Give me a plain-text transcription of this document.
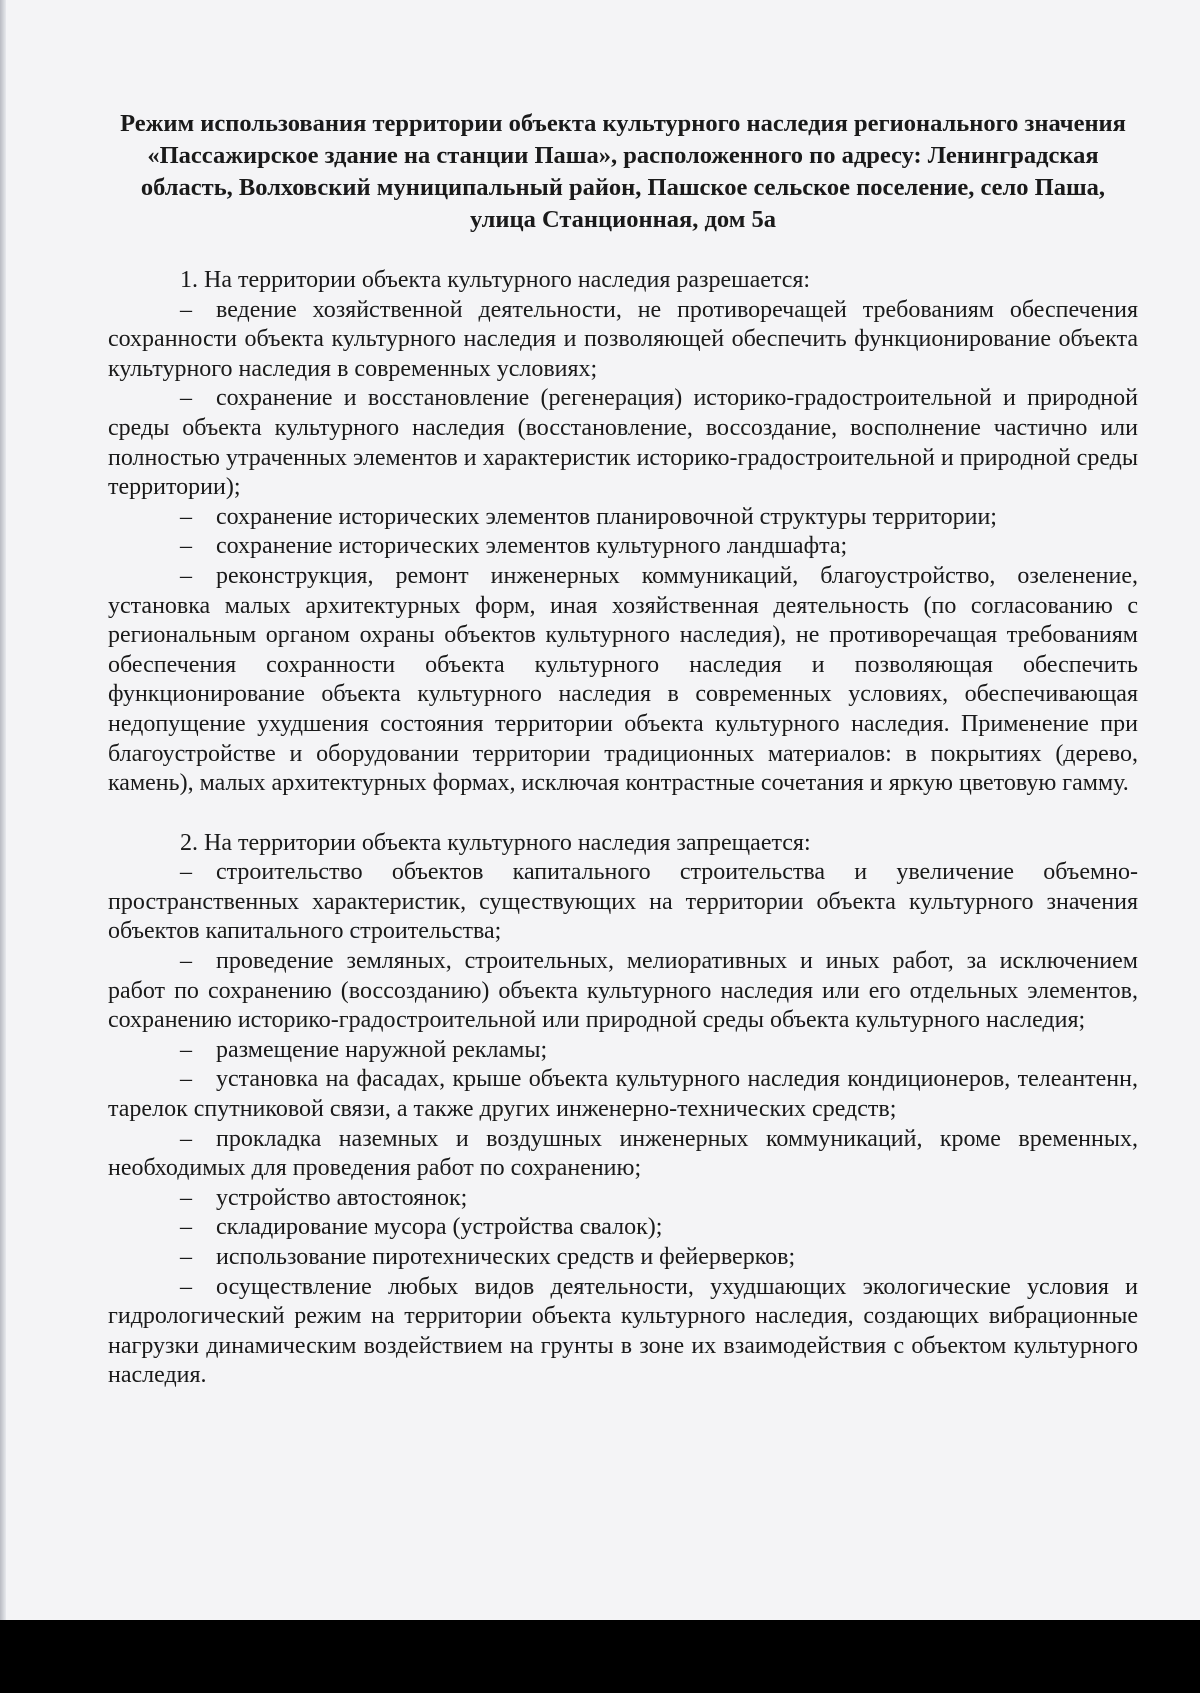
Режим использования территории объекта культурного наследия регионального значения «Пассажирское здание на станции Паша», расположенного по адресу: Ленинградская область, Волховский муниципальный район, Пашское сельское поселение, село Паша, улица Станционная, дом 5а

1. На территории объекта культурного наследия разрешается:

– ведение хозяйственной деятельности, не противоречащей требованиям обеспечения сохранности объекта культурного наследия и позволяющей обеспечить функционирование объекта культурного наследия в современных условиях;

– сохранение и восстановление (регенерация) историко-градостроительной и природной среды объекта культурного наследия (восстановление, воссоздание, восполнение частично или полностью утраченных элементов и характеристик историко-градостроительной и природной среды территории);

– сохранение исторических элементов планировочной структуры территории;

– сохранение исторических элементов культурного ландшафта;

– реконструкция, ремонт инженерных коммуникаций, благоустройство, озеленение, установка малых архитектурных форм, иная хозяйственная деятельность (по согласованию с региональным органом охраны объектов культурного наследия), не противоречащая требованиям обеспечения сохранности объекта культурного наследия и позволяющая обеспечить функционирование объекта культурного наследия в современных условиях, обеспечивающая недопущение ухудшения состояния территории объекта культурного наследия. Применение при благоустройстве и оборудовании территории традиционных материалов: в покрытиях (дерево, камень), малых архитектурных формах, исключая контрастные сочетания и яркую цветовую гамму.

2. На территории объекта культурного наследия запрещается:

– строительство объектов капитального строительства и увеличение объемно-пространственных характеристик, существующих на территории объекта культурного значения объектов капитального строительства;

– проведение земляных, строительных, мелиоративных и иных работ, за исключением работ по сохранению (воссозданию) объекта культурного наследия или его отдельных элементов, сохранению историко-градостроительной или природной среды объекта культурного наследия;

– размещение наружной рекламы;

– установка на фасадах, крыше объекта культурного наследия кондиционеров, телеантенн, тарелок спутниковой связи, а также других инженерно-технических средств;

– прокладка наземных и воздушных инженерных коммуникаций, кроме временных, необходимых для проведения работ по сохранению;

– устройство автостоянок;

– складирование мусора (устройства свалок);

– использование пиротехнических средств и фейерверков;

– осуществление любых видов деятельности, ухудшающих экологические условия и гидрологический режим на территории объекта культурного наследия, создающих вибрационные нагрузки динамическим воздействием на грунты в зоне их взаимодействия с объектом культурного наследия.
